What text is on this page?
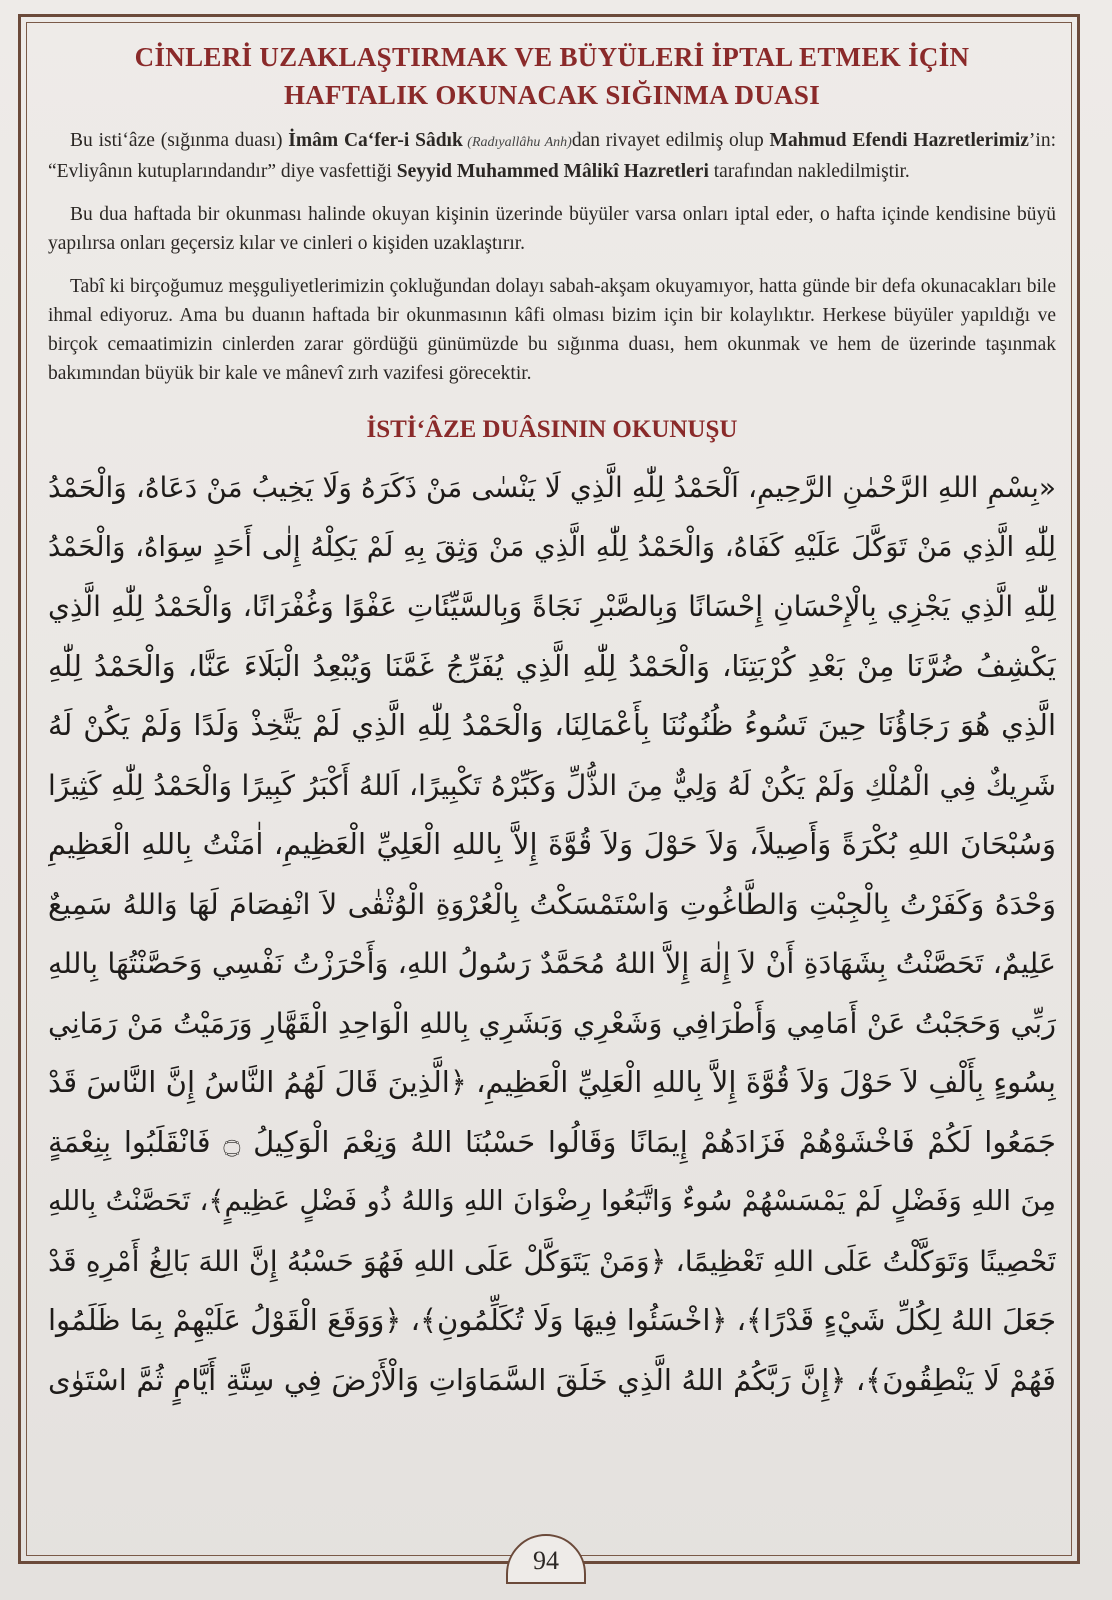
CİNLERİ UZAKLAŞTIRMAK VE BÜYÜLERİ İPTAL ETMEK İÇİN
HAFTALIK OKUNACAK SIĞINMA DUASI

Bu isti‘âze (sığınma duası) İmâm Ca‘fer-i Sâdık (Radıyallâhu Anh)dan rivayet edilmiş olup Mahmud Efendi Hazretlerimiz’in: “Evliyânın kutuplarındandır” diye vasfettiği Seyyid Muhammed Mâlikî Hazretleri tarafından nakledilmiştir.

Bu dua haftada bir okunması halinde okuyan kişinin üzerinde büyüler varsa onları iptal eder, o hafta içinde kendisine büyü yapılırsa onları geçersiz kılar ve cinleri o kişiden uzaklaştırır.

Tabî ki birçoğumuz meşguliyetlerimizin çokluğundan dolayı sabah-akşam okuyamıyor, hatta günde bir defa okunacakları bile ihmal ediyoruz. Ama bu duanın haftada bir okunmasının kâfi olması bizim için bir kolaylıktır. Herkese büyüler yapıldığı ve birçok cemaatimizin cinlerden zarar gördüğü günümüzde bu sığınma duası, hem okunmak ve hem de üzerinde taşınmak bakımından büyük bir kale ve mânevî zırh vazifesi görecektir.

İSTİ‘ÂZE DUÂSININ OKUNUŞU
«بِسْمِ اللهِ الرَّحْمٰنِ الرَّحِيمِ، اَلْحَمْدُ لِلّٰهِ الَّذِي لَا يَنْسٰى مَنْ ذَكَرَهُ وَلَا يَخِيبُ مَنْ دَعَاهُ، وَالْحَمْدُ
لِلّٰهِ الَّذِي مَنْ تَوَكَّلَ عَلَيْهِ كَفَاهُ، وَالْحَمْدُ لِلّٰهِ الَّذِي مَنْ وَثِقَ بِهِ لَمْ يَكِلْهُ إِلٰى أَحَدٍ سِوَاهُ، وَالْحَمْدُ
لِلّٰهِ الَّذِي يَجْزِي بِالْإِحْسَانِ إِحْسَانًا وَبِالصَّبْرِ نَجَاةً وَبِالسَّيِّئَاتِ عَفْوًا وَغُفْرَانًا، وَالْحَمْدُ لِلّٰهِ الَّذِي
يَكْشِفُ ضُرَّنَا مِنْ بَعْدِ كُرْبَتِنَا، وَالْحَمْدُ لِلّٰهِ الَّذِي يُفَرِّجُ غَمَّنَا وَيُبْعِدُ الْبَلَاءَ عَنَّا، وَالْحَمْدُ لِلّٰهِ
الَّذِي هُوَ رَجَاؤُنَا حِينَ تَسُوءُ ظُنُونُنَا بِأَعْمَالِنَا، وَالْحَمْدُ لِلّٰهِ الَّذِي لَمْ يَتَّخِذْ وَلَدًا وَلَمْ يَكُنْ لَهُ
شَرِيكٌ فِي الْمُلْكِ وَلَمْ يَكُنْ لَهُ وَلِيٌّ مِنَ الذُّلِّ وَكَبِّرْهُ تَكْبِيرًا، اَللهُ أَكْبَرُ كَبِيرًا وَالْحَمْدُ لِلّٰهِ كَثِيرًا
وَسُبْحَانَ اللهِ بُكْرَةً وَأَصِيلاً، وَلاَ حَوْلَ وَلاَ قُوَّةَ إِلاَّ بِاللهِ الْعَلِيِّ الْعَظِيمِ، اٰمَنْتُ بِاللهِ الْعَظِيمِ
وَحْدَهُ وَكَفَرْتُ بِالْجِبْتِ وَالطَّاغُوتِ وَاسْتَمْسَكْتُ بِالْعُرْوَةِ الْوُثْقٰى لاَ انْفِصَامَ لَهَا وَاللهُ سَمِيعٌ
عَلِيمٌ، تَحَصَّنْتُ بِشَهَادَةِ أَنْ لاَ إِلٰهَ إِلاَّ اللهُ مُحَمَّدٌ رَسُولُ اللهِ، وَأَحْرَزْتُ نَفْسِي وَحَصَّنْتُهَا بِاللهِ
رَبِّي وَحَجَبْتُ عَنْ أَمَامِي وَأَطْرَافِي وَشَعْرِي وَبَشَرِي بِاللهِ الْوَاحِدِ الْقَهَّارِ وَرَمَيْتُ مَنْ رَمَانِي
بِسُوءٍ بِأَلْفِ لاَ حَوْلَ وَلاَ قُوَّةَ إِلاَّ بِاللهِ الْعَلِيِّ الْعَظِيمِ، ﴿الَّذِينَ قَالَ لَهُمُ النَّاسُ إِنَّ النَّاسَ قَدْ
جَمَعُوا لَكُمْ فَاخْشَوْهُمْ فَزَادَهُمْ إِيمَانًا وَقَالُوا حَسْبُنَا اللهُ وَنِعْمَ الْوَكِيلُ ۝ فَانْقَلَبُوا بِنِعْمَةٍ
مِنَ اللهِ وَفَضْلٍ لَمْ يَمْسَسْهُمْ سُوءٌ وَاتَّبَعُوا رِضْوَانَ اللهِ وَاللهُ ذُو فَضْلٍ عَظِيمٍ﴾، تَحَصَّنْتُ بِاللهِ
تَحْصِينًا وَتَوَكَّلْتُ عَلَى اللهِ تَعْظِيمًا، ﴿وَمَنْ يَتَوَكَّلْ عَلَى اللهِ فَهُوَ حَسْبُهُ إِنَّ اللهَ بَالِغُ أَمْرِهِ قَدْ
جَعَلَ اللهُ لِكُلِّ شَيْءٍ قَدْرًا﴾، ﴿اخْسَئُوا فِيهَا وَلَا تُكَلِّمُونِ﴾، ﴿وَوَقَعَ الْقَوْلُ عَلَيْهِمْ بِمَا ظَلَمُوا
فَهُمْ لَا يَنْطِقُونَ﴾، ﴿إِنَّ رَبَّكُمُ اللهُ الَّذِي خَلَقَ السَّمَاوَاتِ وَالْأَرْضَ فِي سِتَّةِ أَيَّامٍ ثُمَّ اسْتَوٰى
94
